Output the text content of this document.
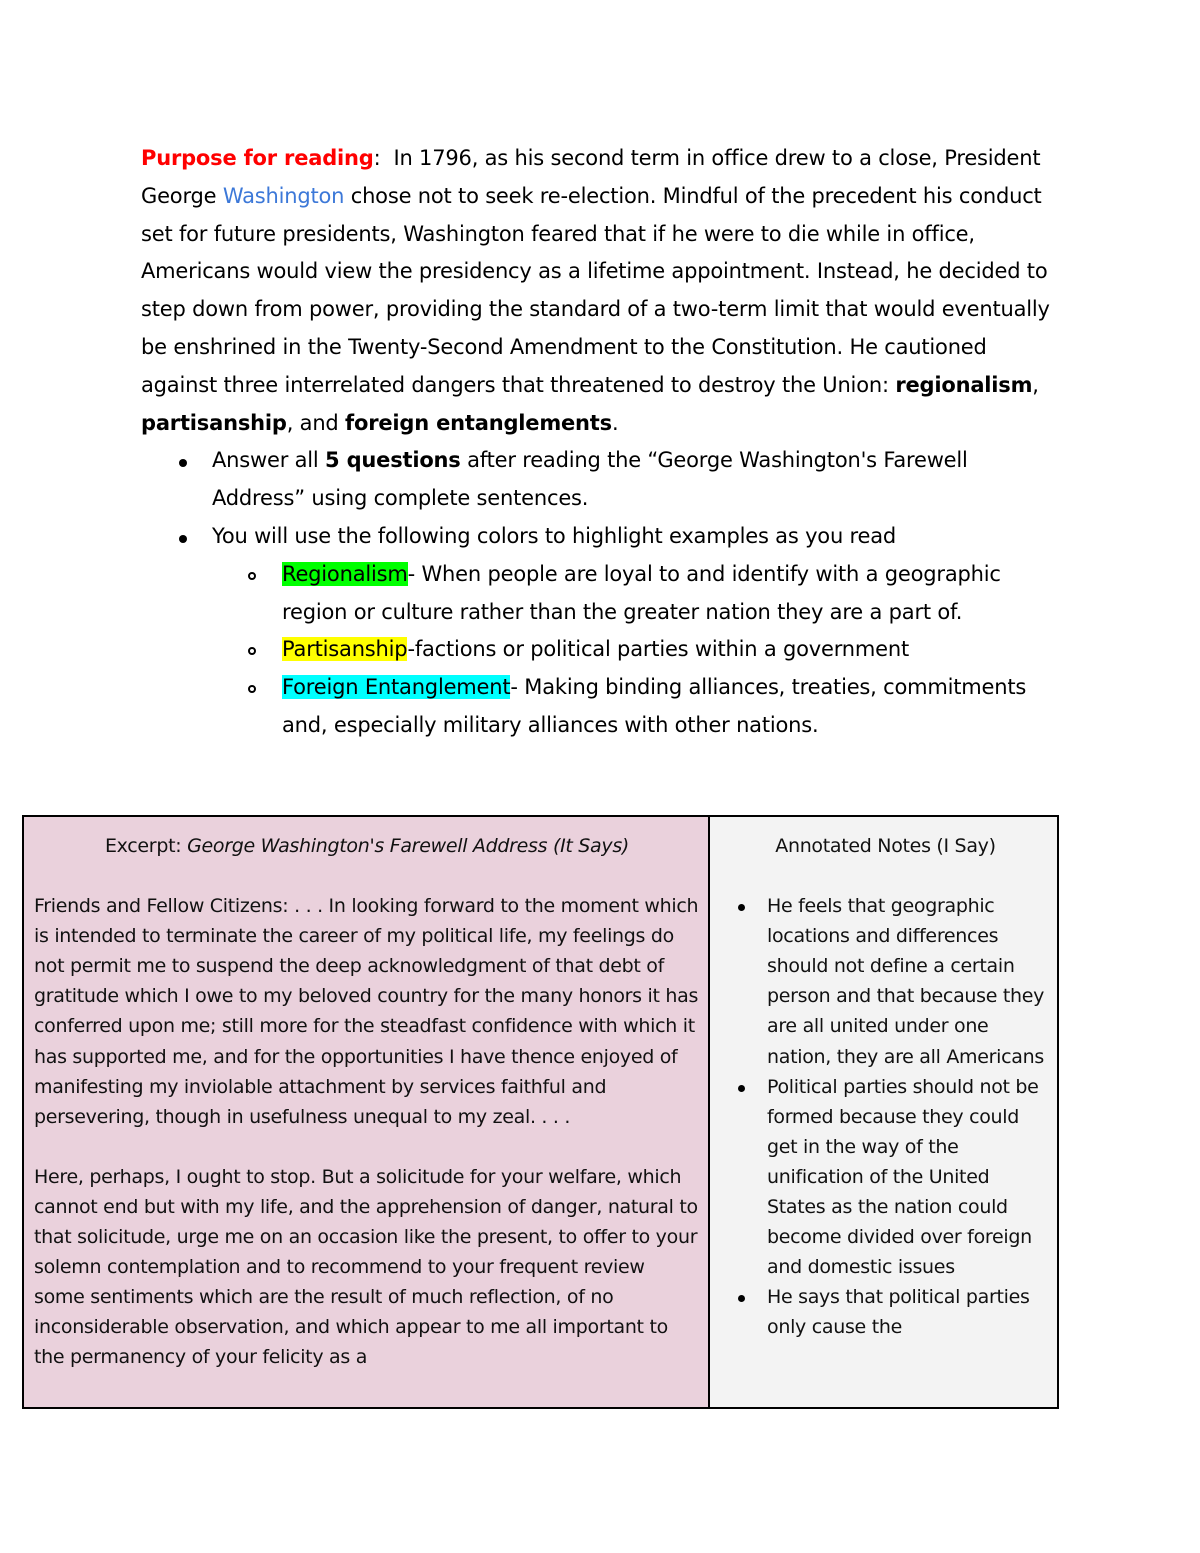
Purpose for reading:  In 1796, as his second term in office drew to a close, President George Washington chose not to seek re-election. Mindful of the precedent his conduct set for future presidents, Washington feared that if he were to die while in office, Americans would view the presidency as a lifetime appointment. Instead, he decided to step down from power, providing the standard of a two-term limit that would eventually be enshrined in the Twenty-Second Amendment to the Constitution. He cautioned against three interrelated dangers that threatened to destroy the Union: regionalism, partisanship, and foreign entanglements.
Answer all 5 questions after reading the “George Washington's Farewell Address” using complete sentences.
You will use the following colors to highlight examples as you read
Regionalism- When people are loyal to and identify with a geographic region or culture rather than the greater nation they are a part of.
Partisanship-factions or political parties within a government
Foreign Entanglement- Making binding alliances, treaties, commitments and, especially military alliances with other nations.
Excerpt: George Washington's Farewell Address (It Says)
Friends and Fellow Citizens: . . . In looking forward to the moment which is intended to terminate the career of my political life, my feelings do not permit me to suspend the deep acknowledgment of that debt of gratitude which I owe to my beloved country for the many honors it has conferred upon me; still more for the steadfast confidence with which it has supported me, and for the opportunities I have thence enjoyed of manifesting my inviolable attachment by services faithful and persevering, though in usefulness unequal to my zeal. . . .
Here, perhaps, I ought to stop. But a solicitude for your welfare, which cannot end but with my life, and the apprehension of danger, natural to that solicitude, urge me on an occasion like the present, to offer to your solemn contemplation and to recommend to your frequent review some sentiments which are the result of much reflection, of no inconsiderable observation, and which appear to me all important to the permanency of your felicity as a
Annotated Notes (I Say)
He feels that geographic locations and differences should not define a certain person and that because they are all united under one nation, they are all Americans
Political parties should not be formed because they could get in the way of the unification of the United States as the nation could become divided over foreign and domestic issues
He says that political parties only cause the
